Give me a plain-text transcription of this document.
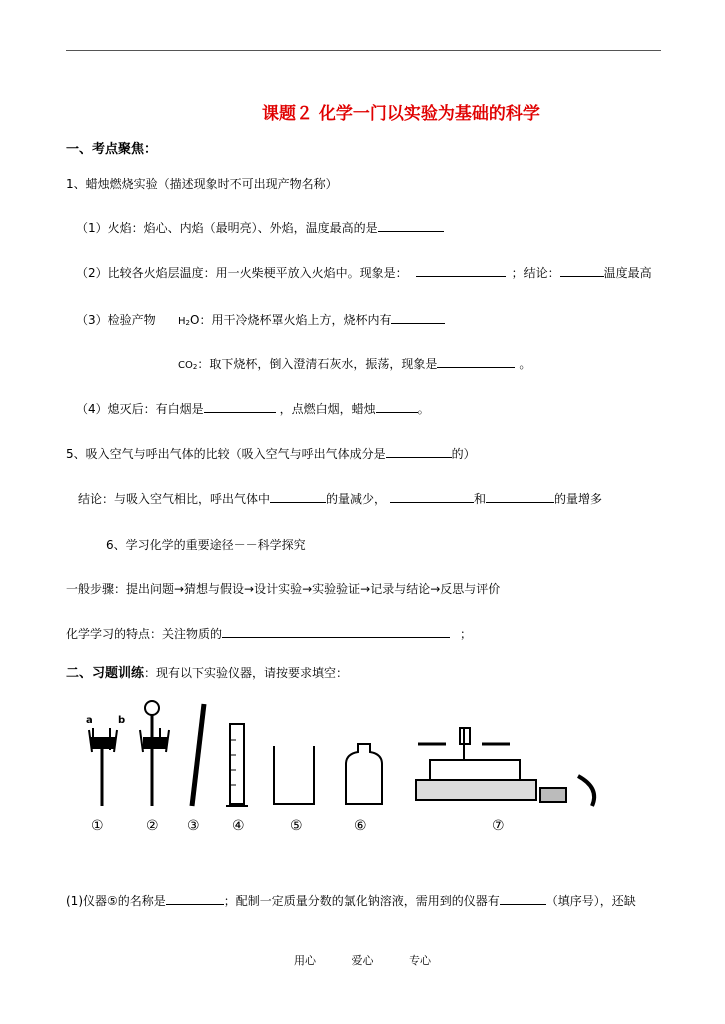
课题２ 化学一门以实验为基础的科学
一、考点聚焦：
1、蜡烛燃烧实验（描述现象时不可出现产物名称）
（1）火焰：焰心、内焰（最明亮）、外焰，温度最高的是
（2）比较各火焰层温度：用一火柴梗平放入火焰中。现象是：	；结论：	温度最高
（3）检验产物 $H_2O$：用干冷烧杯罩火焰上方，烧杯内有
$CO_2$：取下烧杯，倒入澄清石灰水，振荡，现象是	。
（4）熄灭后：有白烟是	，点燃白烟，蜡烛	。
5、吸入空气与呼出气体的比较（吸入空气与呼出气体成分是	的）
结论：与吸入空气相比，呼出气体中	的量减少，	和	的量增多
6、学习化学的重要途径－－科学探究
一般步骤：提出问题→猜想与假设→设计实验→实验验证→记录与结论→反思与评价
化学学习的特点：关注物质的	；
二、习题训练：现有以下实验仪器，请按要求填空：
a	b
①	② ③ ④	⑤	⑥	⑦
(1)仪器⑤的名称是	；配制一定质量分数的氯化钠溶液，需用到的仪器有	（填序号），还缺
用心	爱心	专心
